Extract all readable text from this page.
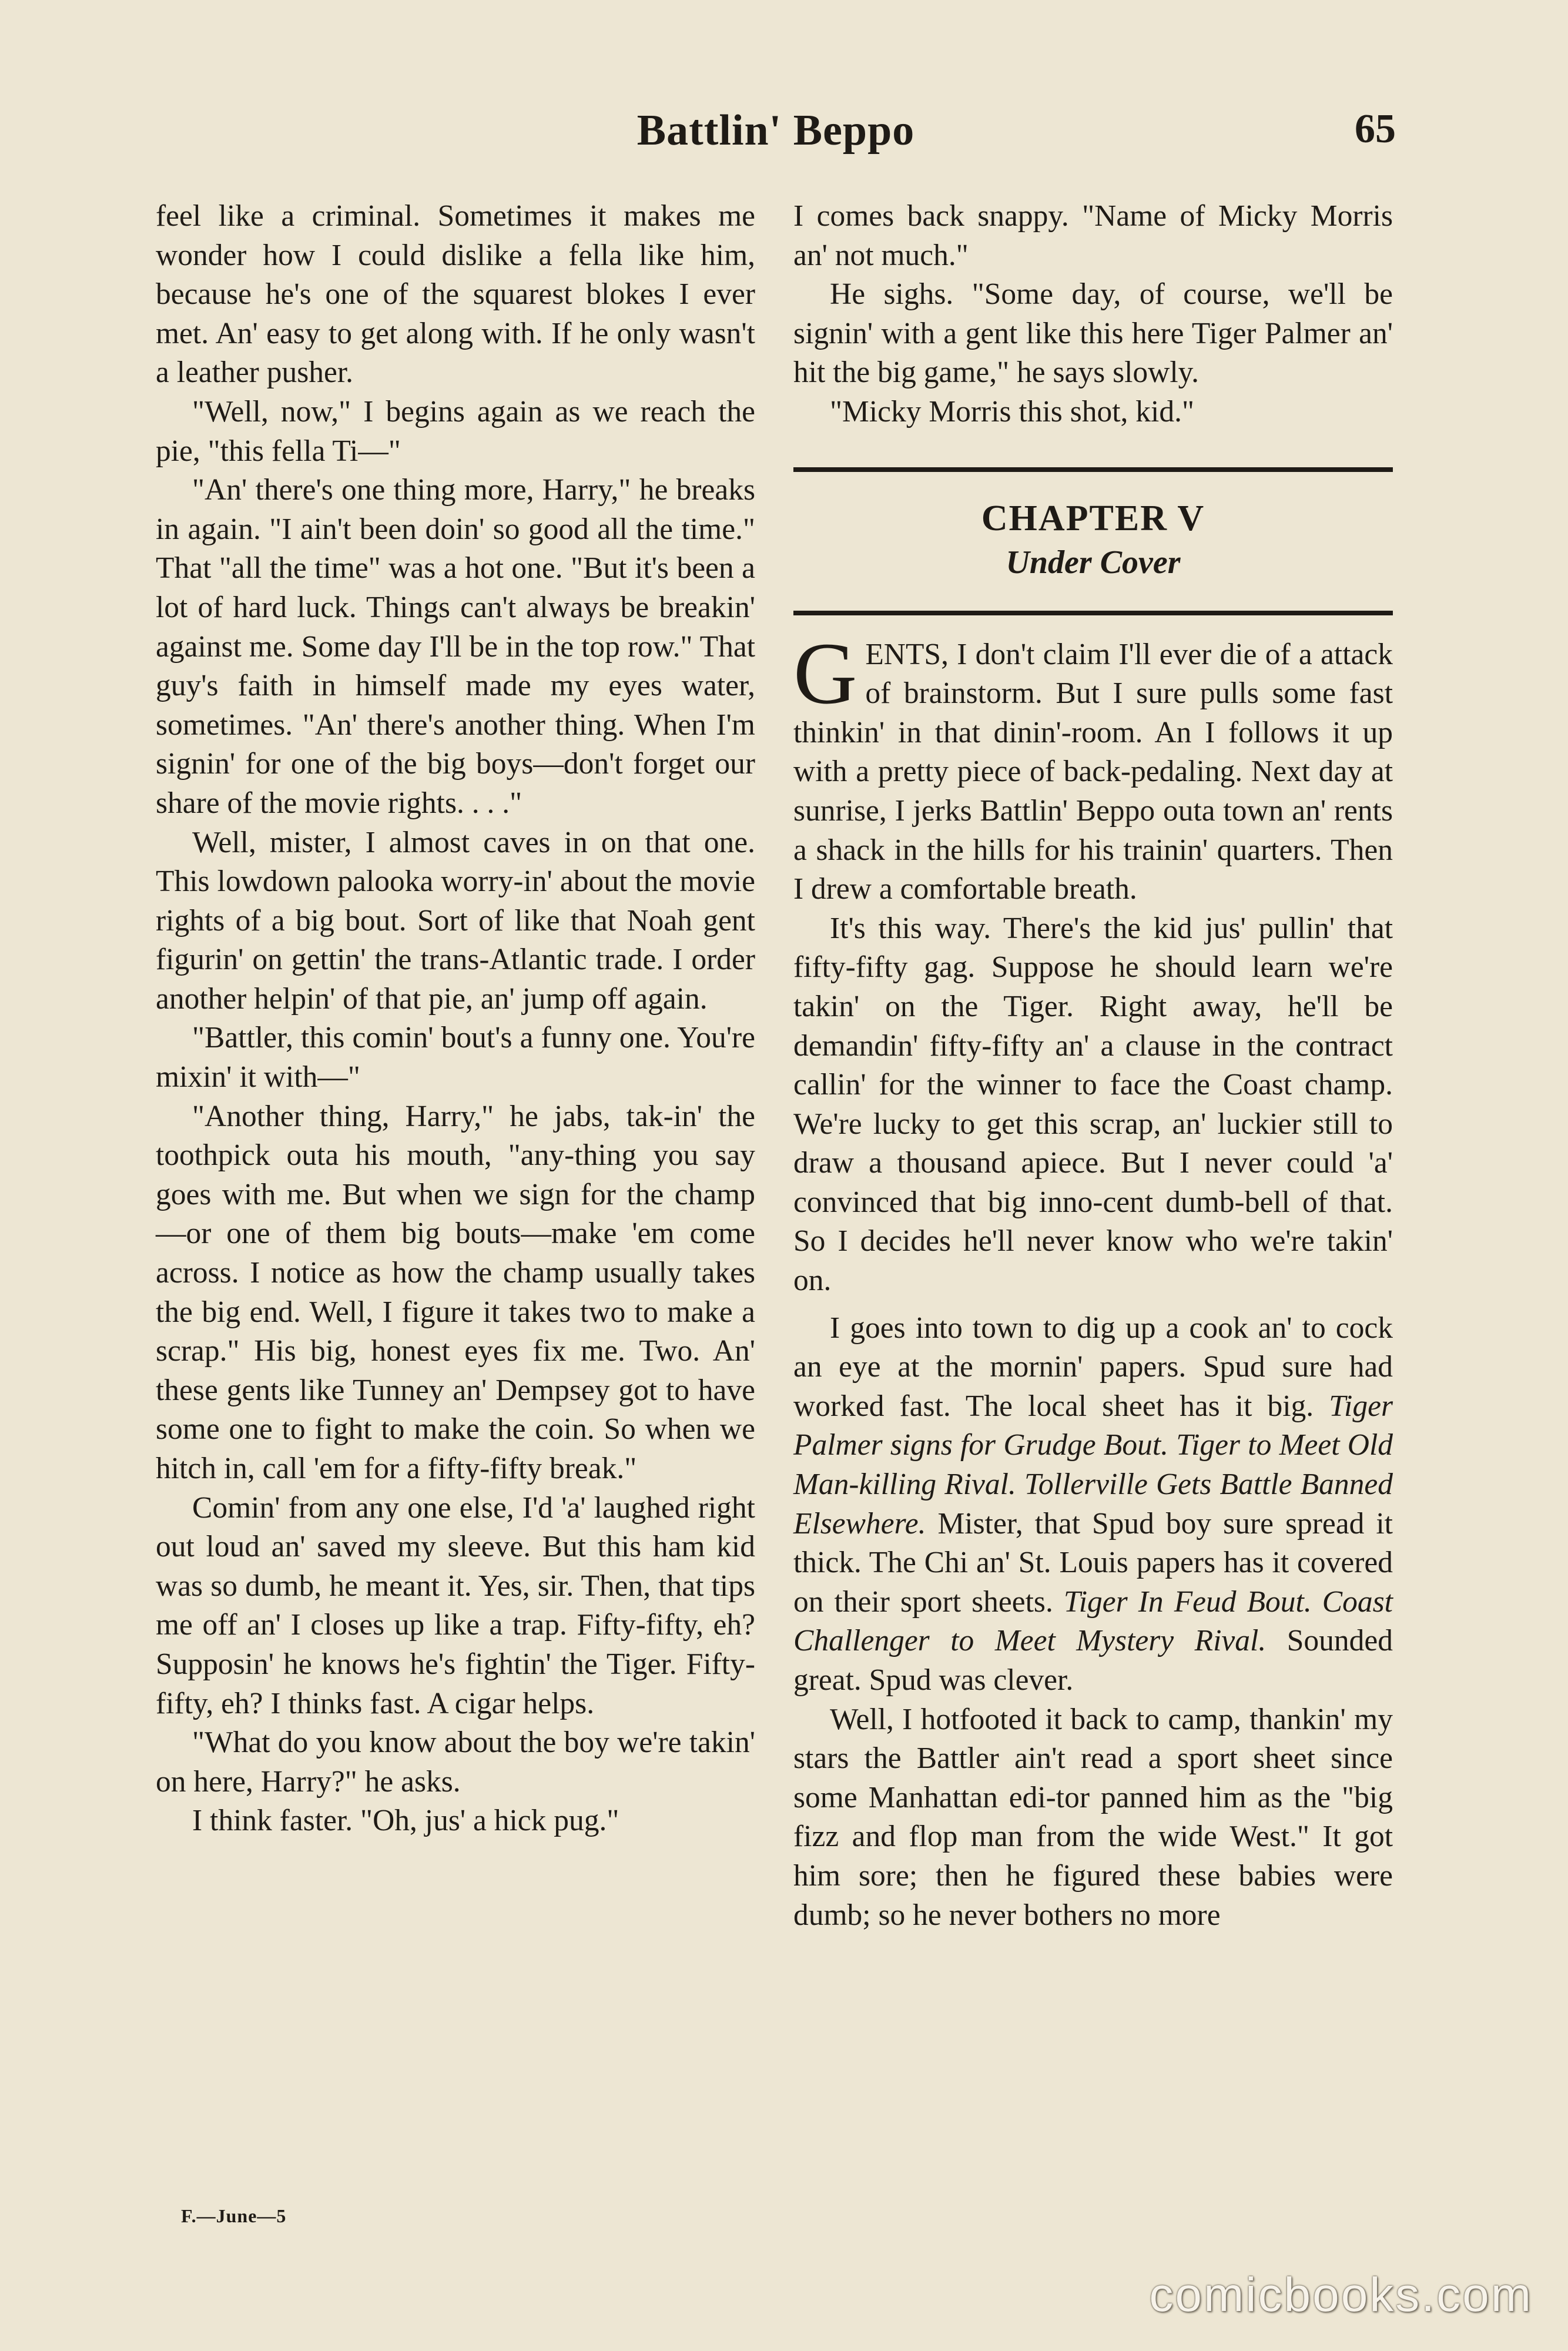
Battlin' Beppo	65

feel like a criminal. Sometimes it makes me wonder how I could dislike a fella like him, because he's one of the squarest blokes I ever met. An' easy to get along with. If he only wasn't a leather pusher.

"Well, now," I begins again as we reach the pie, "this fella Ti—"

"An' there's one thing more, Harry," he breaks in again. "I ain't been doin' so good all the time." That "all the time" was a hot one. "But it's been a lot of hard luck. Things can't always be breakin' against me. Some day I'll be in the top row." That guy's faith in himself made my eyes water, sometimes. "An' there's another thing. When I'm signin' for one of the big boys—don't forget our share of the movie rights. . . ."

Well, mister, I almost caves in on that one. This lowdown palooka worry-in' about the movie rights of a big bout. Sort of like that Noah gent figurin' on gettin' the trans-Atlantic trade. I order another helpin' of that pie, an' jump off again.

"Battler, this comin' bout's a funny one. You're mixin' it with—"

"Another thing, Harry," he jabs, tak-in' the toothpick outa his mouth, "any-thing you say goes with me. But when we sign for the champ—or one of them big bouts—make 'em come across. I notice as how the champ usually takes the big end. Well, I figure it takes two to make a scrap." His big, honest eyes fix me. Two. An' these gents like Tunney an' Dempsey got to have some one to fight to make the coin. So when we hitch in, call 'em for a fifty-fifty break."

Comin' from any one else, I'd 'a' laughed right out loud an' saved my sleeve. But this ham kid was so dumb, he meant it. Yes, sir. Then, that tips me off an' I closes up like a trap. Fifty-fifty, eh? Supposin' he knows he's fightin' the Tiger. Fifty-fifty, eh? I thinks fast. A cigar helps.

"What do you know about the boy we're takin' on here, Harry?" he asks.

I think faster. "Oh, jus' a hick pug."

I comes back snappy. "Name of Micky Morris an' not much."

He sighs. "Some day, of course, we'll be signin' with a gent like this here Tiger Palmer an' hit the big game," he says slowly.

"Micky Morris this shot, kid."

CHAPTER V
Under Cover

GENTS, I don't claim I'll ever die of a attack of brainstorm. But I sure pulls some fast thinkin' in that dinin'-room. An I follows it up with a pretty piece of back-pedaling. Next day at sunrise, I jerks Battlin' Beppo outa town an' rents a shack in the hills for his trainin' quarters. Then I drew a comfortable breath.

It's this way. There's the kid jus' pullin' that fifty-fifty gag. Suppose he should learn we're takin' on the Tiger. Right away, he'll be demandin' fifty-fifty an' a clause in the contract callin' for the winner to face the Coast champ. We're lucky to get this scrap, an' luckier still to draw a thousand apiece. But I never could 'a' convinced that big inno-cent dumb-bell of that. So I decides he'll never know who we're takin' on.

I goes into town to dig up a cook an' to cock an eye at the mornin' papers. Spud sure had worked fast. The local sheet has it big. Tiger Palmer signs for Grudge Bout. Tiger to Meet Old Man-killing Rival. Tollerville Gets Battle Banned Elsewhere. Mister, that Spud boy sure spread it thick. The Chi an' St. Louis papers has it covered on their sport sheets. Tiger In Feud Bout. Coast Challenger to Meet Mystery Rival. Sounded great. Spud was clever.

Well, I hotfooted it back to camp, thankin' my stars the Battler ain't read a sport sheet since some Manhattan edi-tor panned him as the "big fizz and flop man from the wide West." It got him sore; then he figured these babies were dumb; so he never bothers no more

F.—June—5
comicbooks.com
